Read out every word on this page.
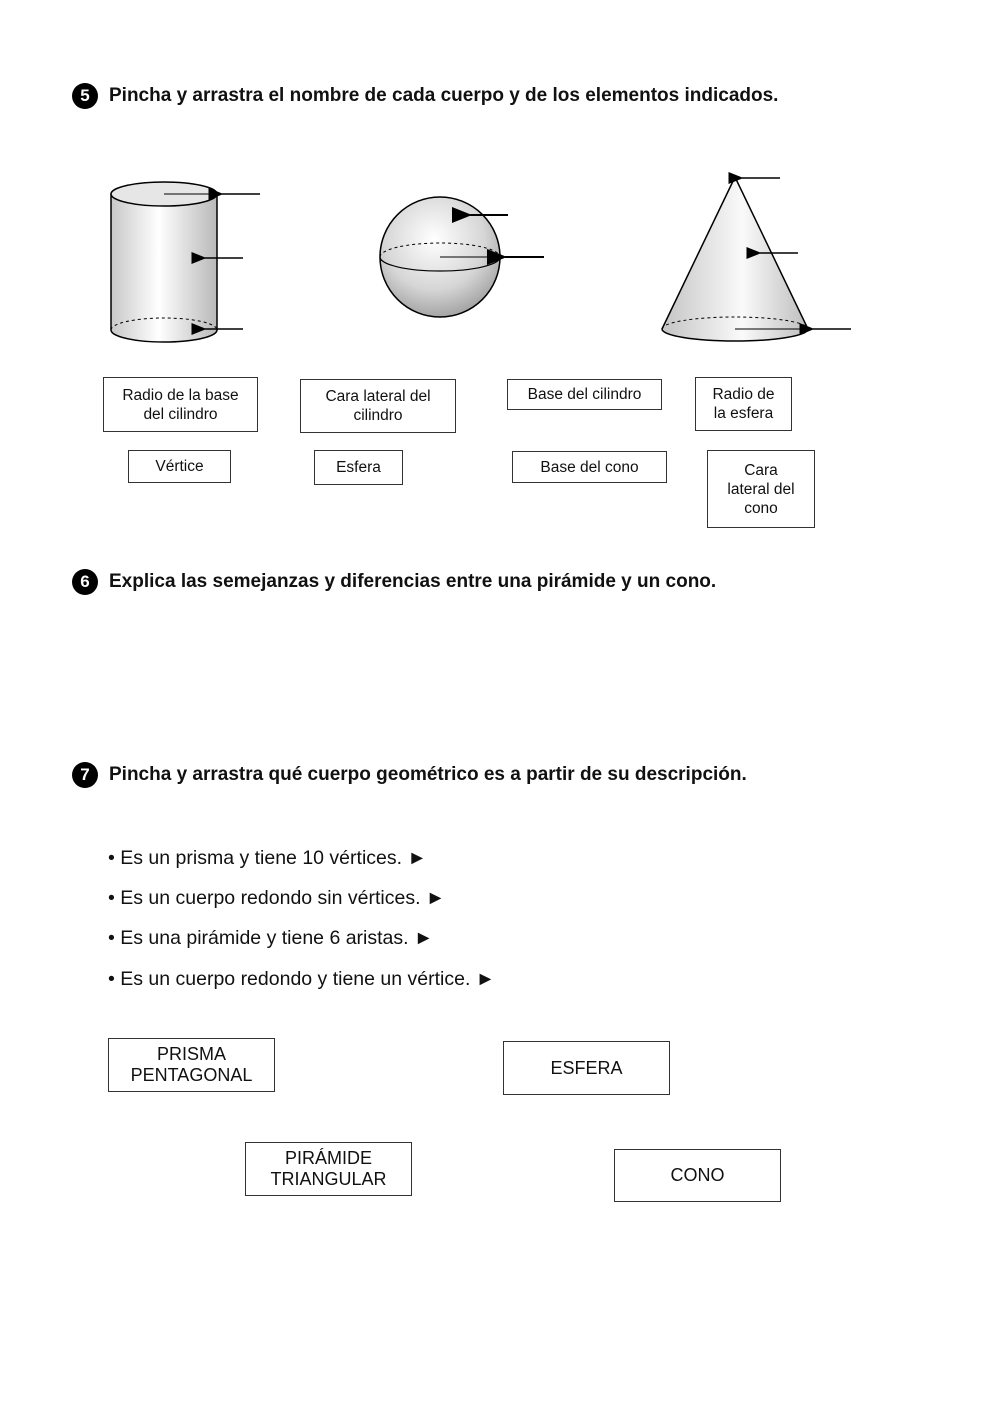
5	Pincha y arrastra el nombre de cada cuerpo y de los elementos indicados.
Radio de la base
del cilindro
Cara lateral del
cilindro
Base del cilindro	Radio de
la esfera
Vértice	Esfera	Base del cono	Cara
lateral del
cono
6	Explica las semejanzas y diferencias entre una pirámide y un cono.
7	Pincha y arrastra qué cuerpo geométrico es a partir de su descripción.
• Es un prisma y tiene 10 vértices. ►
• Es un cuerpo redondo sin vértices. ►
• Es una pirámide y tiene 6 aristas. ►
• Es un cuerpo redondo y tiene un vértice. ►
PRISMA
PENTAGONAL	ESFERA
PIRÁMIDE
TRIANGULAR	CONO
